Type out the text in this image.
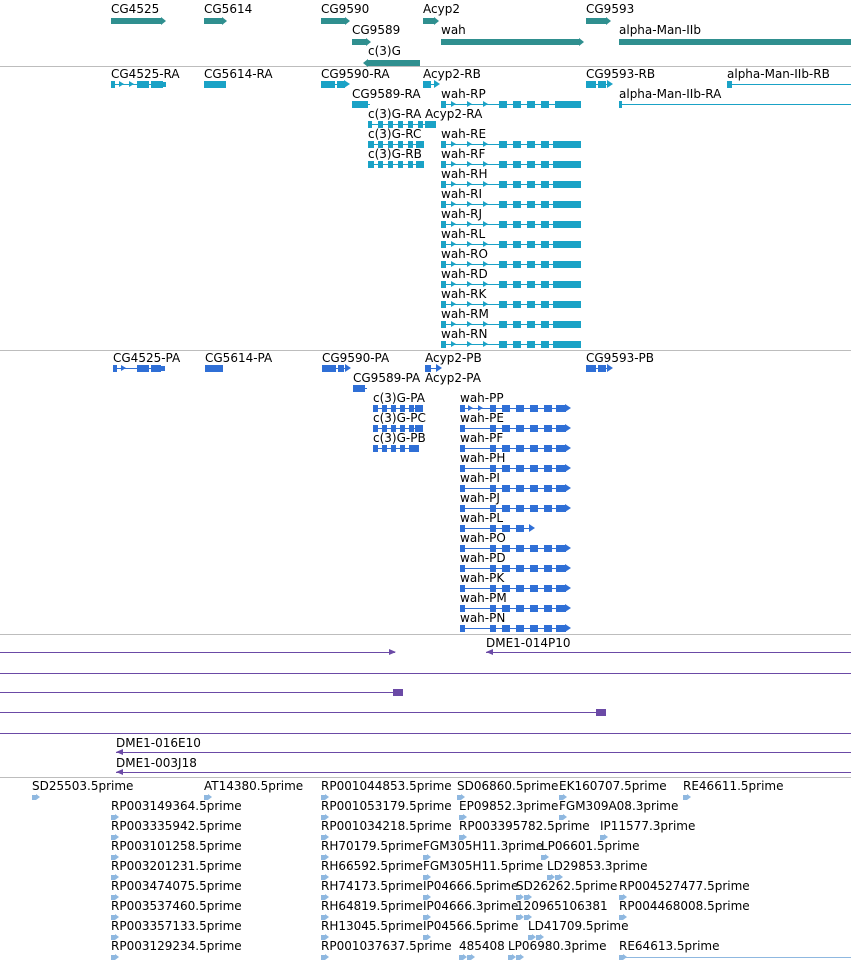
CG4525	CG5614	CG9590	Acyp2	CG9593
CG9589	wah	alpha-Man-IIb
c(3)G
CG4525-RA CG5614-RA	CG9590-RA	Acyp2-RB	CG9593-RB	alpha-Man-IIb-RB
CG9589-RA wah-RP	alpha-Man-IIb-RA
c(3)G-RA Acyp2-RA
c(3)G-RC wah-RE
c(3)G-RB wah-RF
wah-RH
wah-RI
wah-RJ
wah-RL
wah-RO
wah-RD
wah-RK
wah-RM
wah-RN
CG4525-PA CG5614-PA	CG9590-PA	Acyp2-PB	CG9593-PB
CG9589-PA Acyp2-PA
c(3)G-PA	wah-PP
c(3)G-PC	wah-PE
c(3)G-PB	wah-PF
wah-PH
wah-PI
wah-PJ
wah-PL
wah-PO
wah-PD
wah-PK
wah-PM
wah-PN
DME1-014P10
DME1-016E10
DME1-003J18
SD25503.5prime	AT14380.5prime RP001044853.5prime SD06860.5prime EK160707.5prime RE46611.5prime
RP003149364.5prime	RP001053179.5prime EP09852.3prime FGM309A08.3prime
RP003335942.5prime	RP001034218.5prime RP003395782.5prime IP11577.3prime
RP003101258.5prime	RH70179.5prime FGM305H11.3prime
LP06601.5prime
RP003201231.5prime	RH66592.5prime FGM305H11.5prime LD29853.3prime
RP003474075.5prime	RH74173.5prime IP04666.5prime
SD26262.5prime RP004527477.5prime
RP003537460.5prime	RH64819.5prime IP04666.3prime
120965106381 RP004468008.5prime
RP003357133.5prime	RH13045.5prime IP04566.5prime LD41709.5prime
RP003129234.5prime	RP001037637.5prime 485408 LP06980.3prime RE64613.5prime
